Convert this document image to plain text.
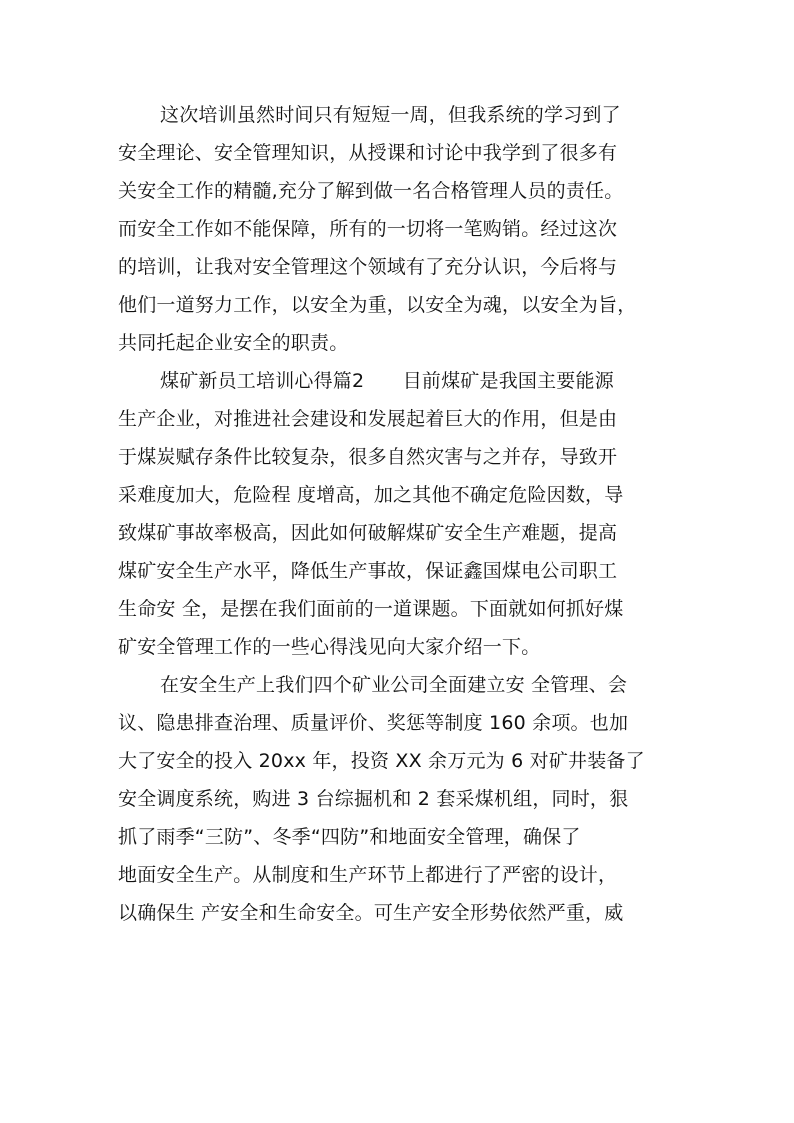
这次培训虽然时间只有短短一周，但我系统的学习到了
安全理论、安全管理知识，从授课和讨论中我学到了很多有
关安全工作的精髓,充分了解到做一名合格管理人员的责任。
而安全工作如不能保障，所有的一切将一笔购销。经过这次
的培训，让我对安全管理这个领域有了充分认识，今后将与
他们一道努力工作，以安全为重，以安全为魂，以安全为旨，
共同托起企业安全的职责。
煤矿新员工培训心得篇2　　目前煤矿是我国主要能源
生产企业，对推进社会建设和发展起着巨大的作用，但是由
于煤炭赋存条件比较复杂，很多自然灾害与之并存，导致开
采难度加大，危险程 度增高，加之其他不确定危险因数，导
致煤矿事故率极高，因此如何破解煤矿安全生产难题，提高
煤矿安全生产水平，降低生产事故，保证鑫国煤电公司职工
生命安 全，是摆在我们面前的一道课题。下面就如何抓好煤
矿安全管理工作的一些心得浅见向大家介绍一下。
在安全生产上我们四个矿业公司全面建立安 全管理、会
议、隐患排查治理、质量评价、奖惩等制度 160 余项。也加
大了安全的投入 20xx 年，投资 XX 余万元为 6 对矿井装备了
安全调度系统，购进 3 台综掘机和 2 套采煤机组，同时，狠
抓了雨季“三防”、冬季“四防”和地面安全管理，确保了
地面安全生产。从制度和生产环节上都进行了严密的设计，
以确保生 产安全和生命安全。可生产安全形势依然严重，威
